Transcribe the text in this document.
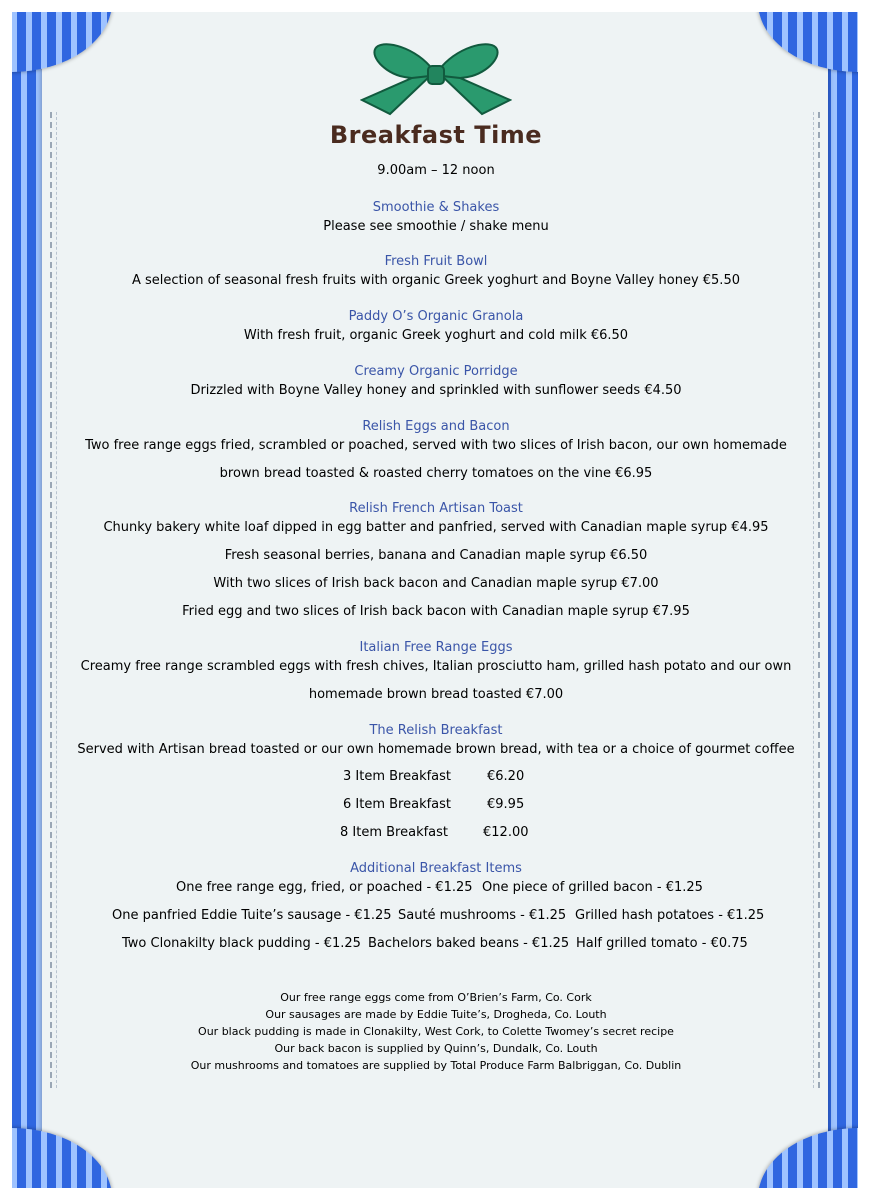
Breakfast Time
9.00am – 12 noon
Smoothie & Shakes
Please see smoothie / shake menu
Fresh Fruit Bowl
A selection of seasonal fresh fruits with organic Greek yoghurt and Boyne Valley honey €5.50
Paddy O’s Organic Granola
With fresh fruit, organic Greek yoghurt and cold milk €6.50
Creamy Organic Porridge
Drizzled with Boyne Valley honey and sprinkled with sunflower seeds €4.50
Relish Eggs and Bacon
Two free range eggs fried, scrambled or poached, served with two slices of Irish bacon, our own homemade
brown bread toasted & roasted cherry tomatoes on the vine €6.95
Relish French Artisan Toast
Chunky bakery white loaf dipped in egg batter and panfried, served with Canadian maple syrup €4.95
Fresh seasonal berries, banana and Canadian maple syrup €6.50
With two slices of Irish back bacon and Canadian maple syrup €7.00
Fried egg and two slices of Irish back bacon with Canadian maple syrup €7.95
Italian Free Range Eggs
Creamy free range scrambled eggs with fresh chives, Italian prosciutto ham, grilled hash potato and our own
homemade brown bread toasted €7.00
The Relish Breakfast
Served with Artisan bread toasted or our own homemade brown bread, with tea or a choice of gourmet coffee
3 Item Breakfast	€6.20
6 Item Breakfast	€9.95
8 Item Breakfast	€12.00
Additional Breakfast Items
One free range egg, fried, or poached - €1.25 One piece of grilled bacon - €1.25
One panfried Eddie Tuite’s sausage - €1.25 Sauté mushrooms - €1.25 Grilled hash potatoes - €1.25
Two Clonakilty black pudding - €1.25 Bachelors baked beans - €1.25 Half grilled tomato - €0.75
Our free range eggs come from O’Brien’s Farm, Co. Cork
Our sausages are made by Eddie Tuite’s, Drogheda, Co. Louth
Our black pudding is made in Clonakilty, West Cork, to Colette Twomey’s secret recipe
Our back bacon is supplied by Quinn’s, Dundalk, Co. Louth
Our mushrooms and tomatoes are supplied by Total Produce Farm Balbriggan, Co. Dublin
